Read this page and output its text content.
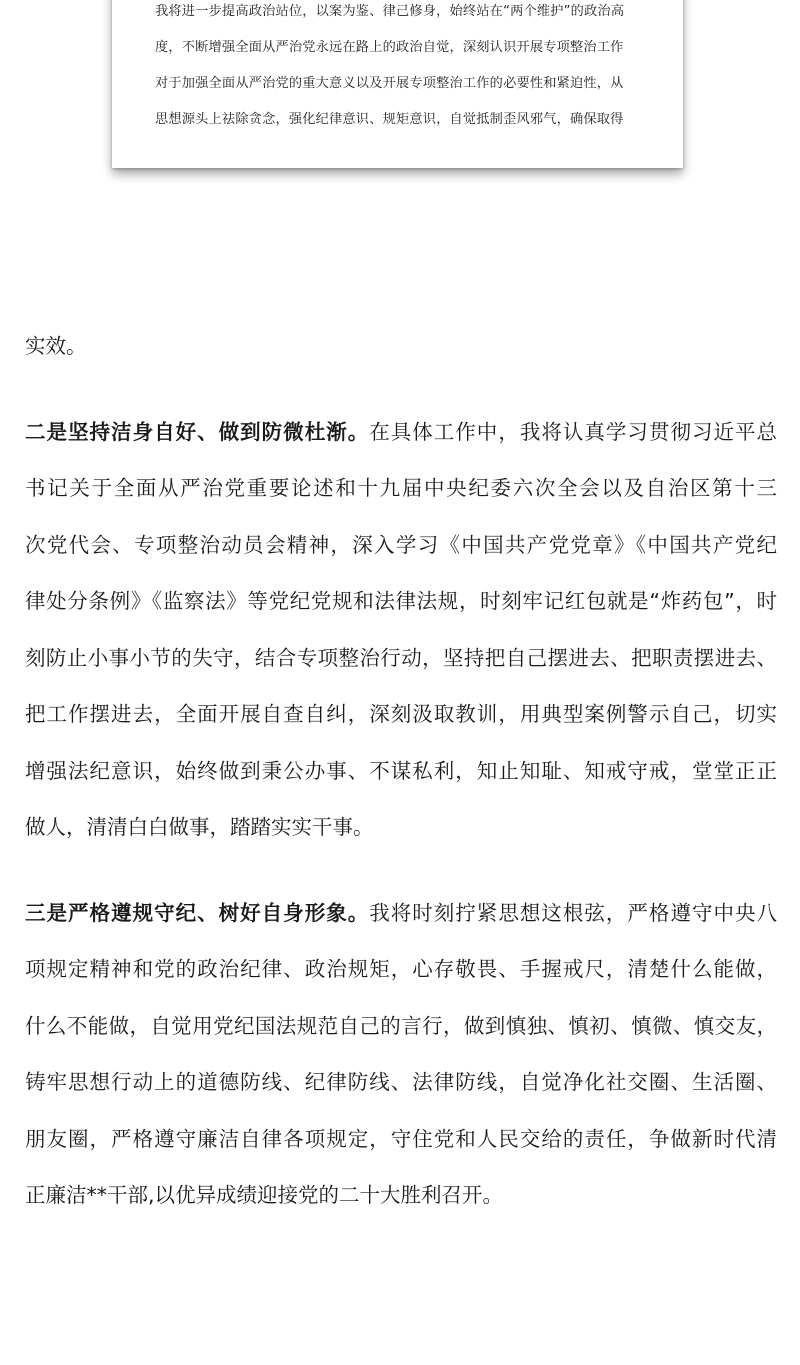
我将进一步提高政治站位，以案为鉴、律己修身，始终站在“两个维护”的政治高
度，不断增强全面从严治党永远在路上的政治自觉，深刻认识开展专项整治工作
对于加强全面从严治党的重大意义以及开展专项整治工作的必要性和紧迫性，从
思想源头上祛除贪念，强化纪律意识、规矩意识，自觉抵制歪风邪气，确保取得

实效。

二是坚持洁身自好、做到防微杜渐。在具体工作中，我将认真学习贯彻习近平总
书记关于全面从严治党重要论述和十九届中央纪委六次全会以及自治区第十三
次党代会、专项整治动员会精神，深入学习《中国共产党党章》《中国共产党纪
律处分条例》《监察法》等党纪党规和法律法规，时刻牢记红包就是“炸药包”，时
刻防止小事小节的失守，结合专项整治行动，坚持把自己摆进去、把职责摆进去、
把工作摆进去，全面开展自查自纠，深刻汲取教训，用典型案例警示自己，切实
增强法纪意识，始终做到秉公办事、不谋私利，知止知耻、知戒守戒，堂堂正正
做人，清清白白做事，踏踏实实干事。

三是严格遵规守纪、树好自身形象。我将时刻拧紧思想这根弦，严格遵守中央八
项规定精神和党的政治纪律、政治规矩，心存敬畏、手握戒尺，清楚什么能做，
什么不能做，自觉用党纪国法规范自己的言行，做到慎独、慎初、慎微、慎交友，
铸牢思想行动上的道德防线、纪律防线、法律防线，自觉净化社交圈、生活圈、
朋友圈，严格遵守廉洁自律各项规定，守住党和人民交给的责任，争做新时代清
正廉洁**干部,以优异成绩迎接党的二十大胜利召开。
